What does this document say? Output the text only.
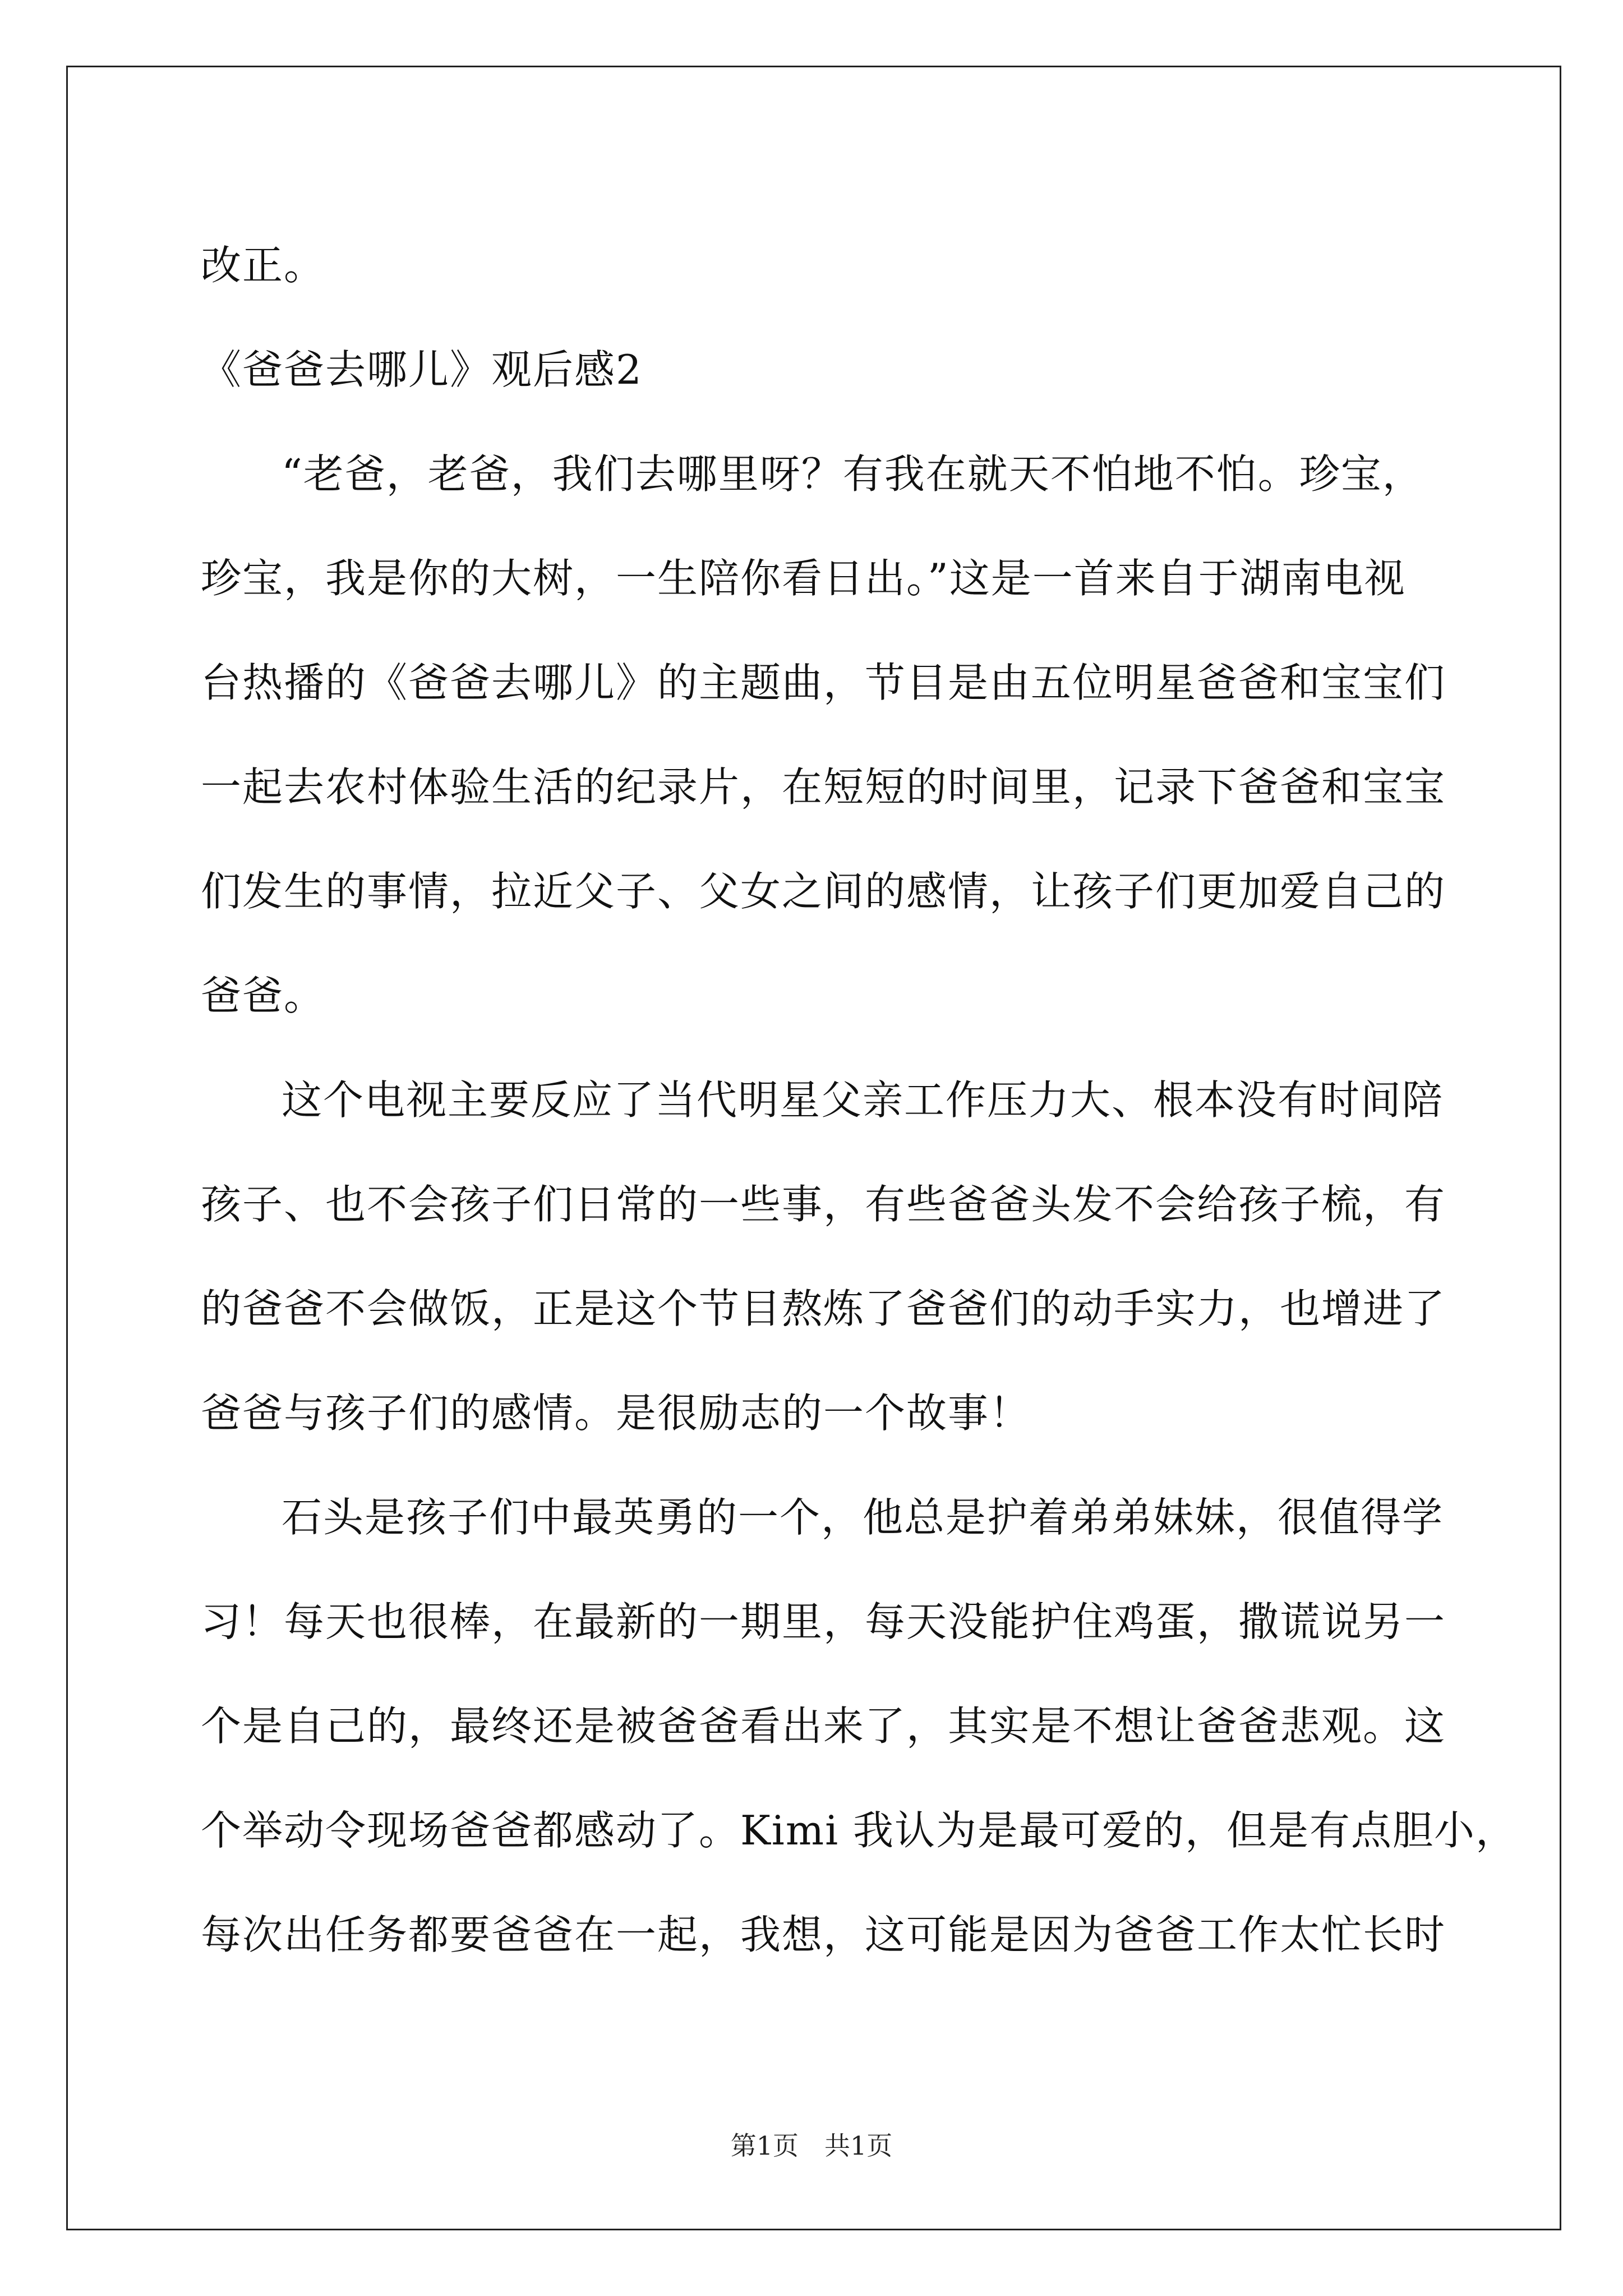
改正。
《爸爸去哪儿》观后感2
“老爸，老爸，我们去哪里呀？有我在就天不怕地不怕。珍宝，
珍宝，我是你的大树，一生陪你看日出。”这是一首来自于湖南电视
台热播的《爸爸去哪儿》的主题曲，节目是由五位明星爸爸和宝宝们
一起去农村体验生活的纪录片，在短短的时间里，记录下爸爸和宝宝
们发生的事情，拉近父子、父女之间的感情，让孩子们更加爱自己的
爸爸。
这个电视主要反应了当代明星父亲工作压力大、根本没有时间陪
孩子、也不会孩子们日常的一些事，有些爸爸头发不会给孩子梳，有
的爸爸不会做饭，正是这个节目熬炼了爸爸们的动手实力，也增进了
爸爸与孩子们的感情。是很励志的一个故事！
石头是孩子们中最英勇的一个，他总是护着弟弟妹妹，很值得学
习！每天也很棒，在最新的一期里，每天没能护住鸡蛋，撒谎说另一
个是自己的，最终还是被爸爸看出来了，其实是不想让爸爸悲观。这
个举动令现场爸爸都感动了。Kimi 我认为是最可爱的，但是有点胆小，
每次出任务都要爸爸在一起，我想，这可能是因为爸爸工作太忙长时
第1页　共1页
